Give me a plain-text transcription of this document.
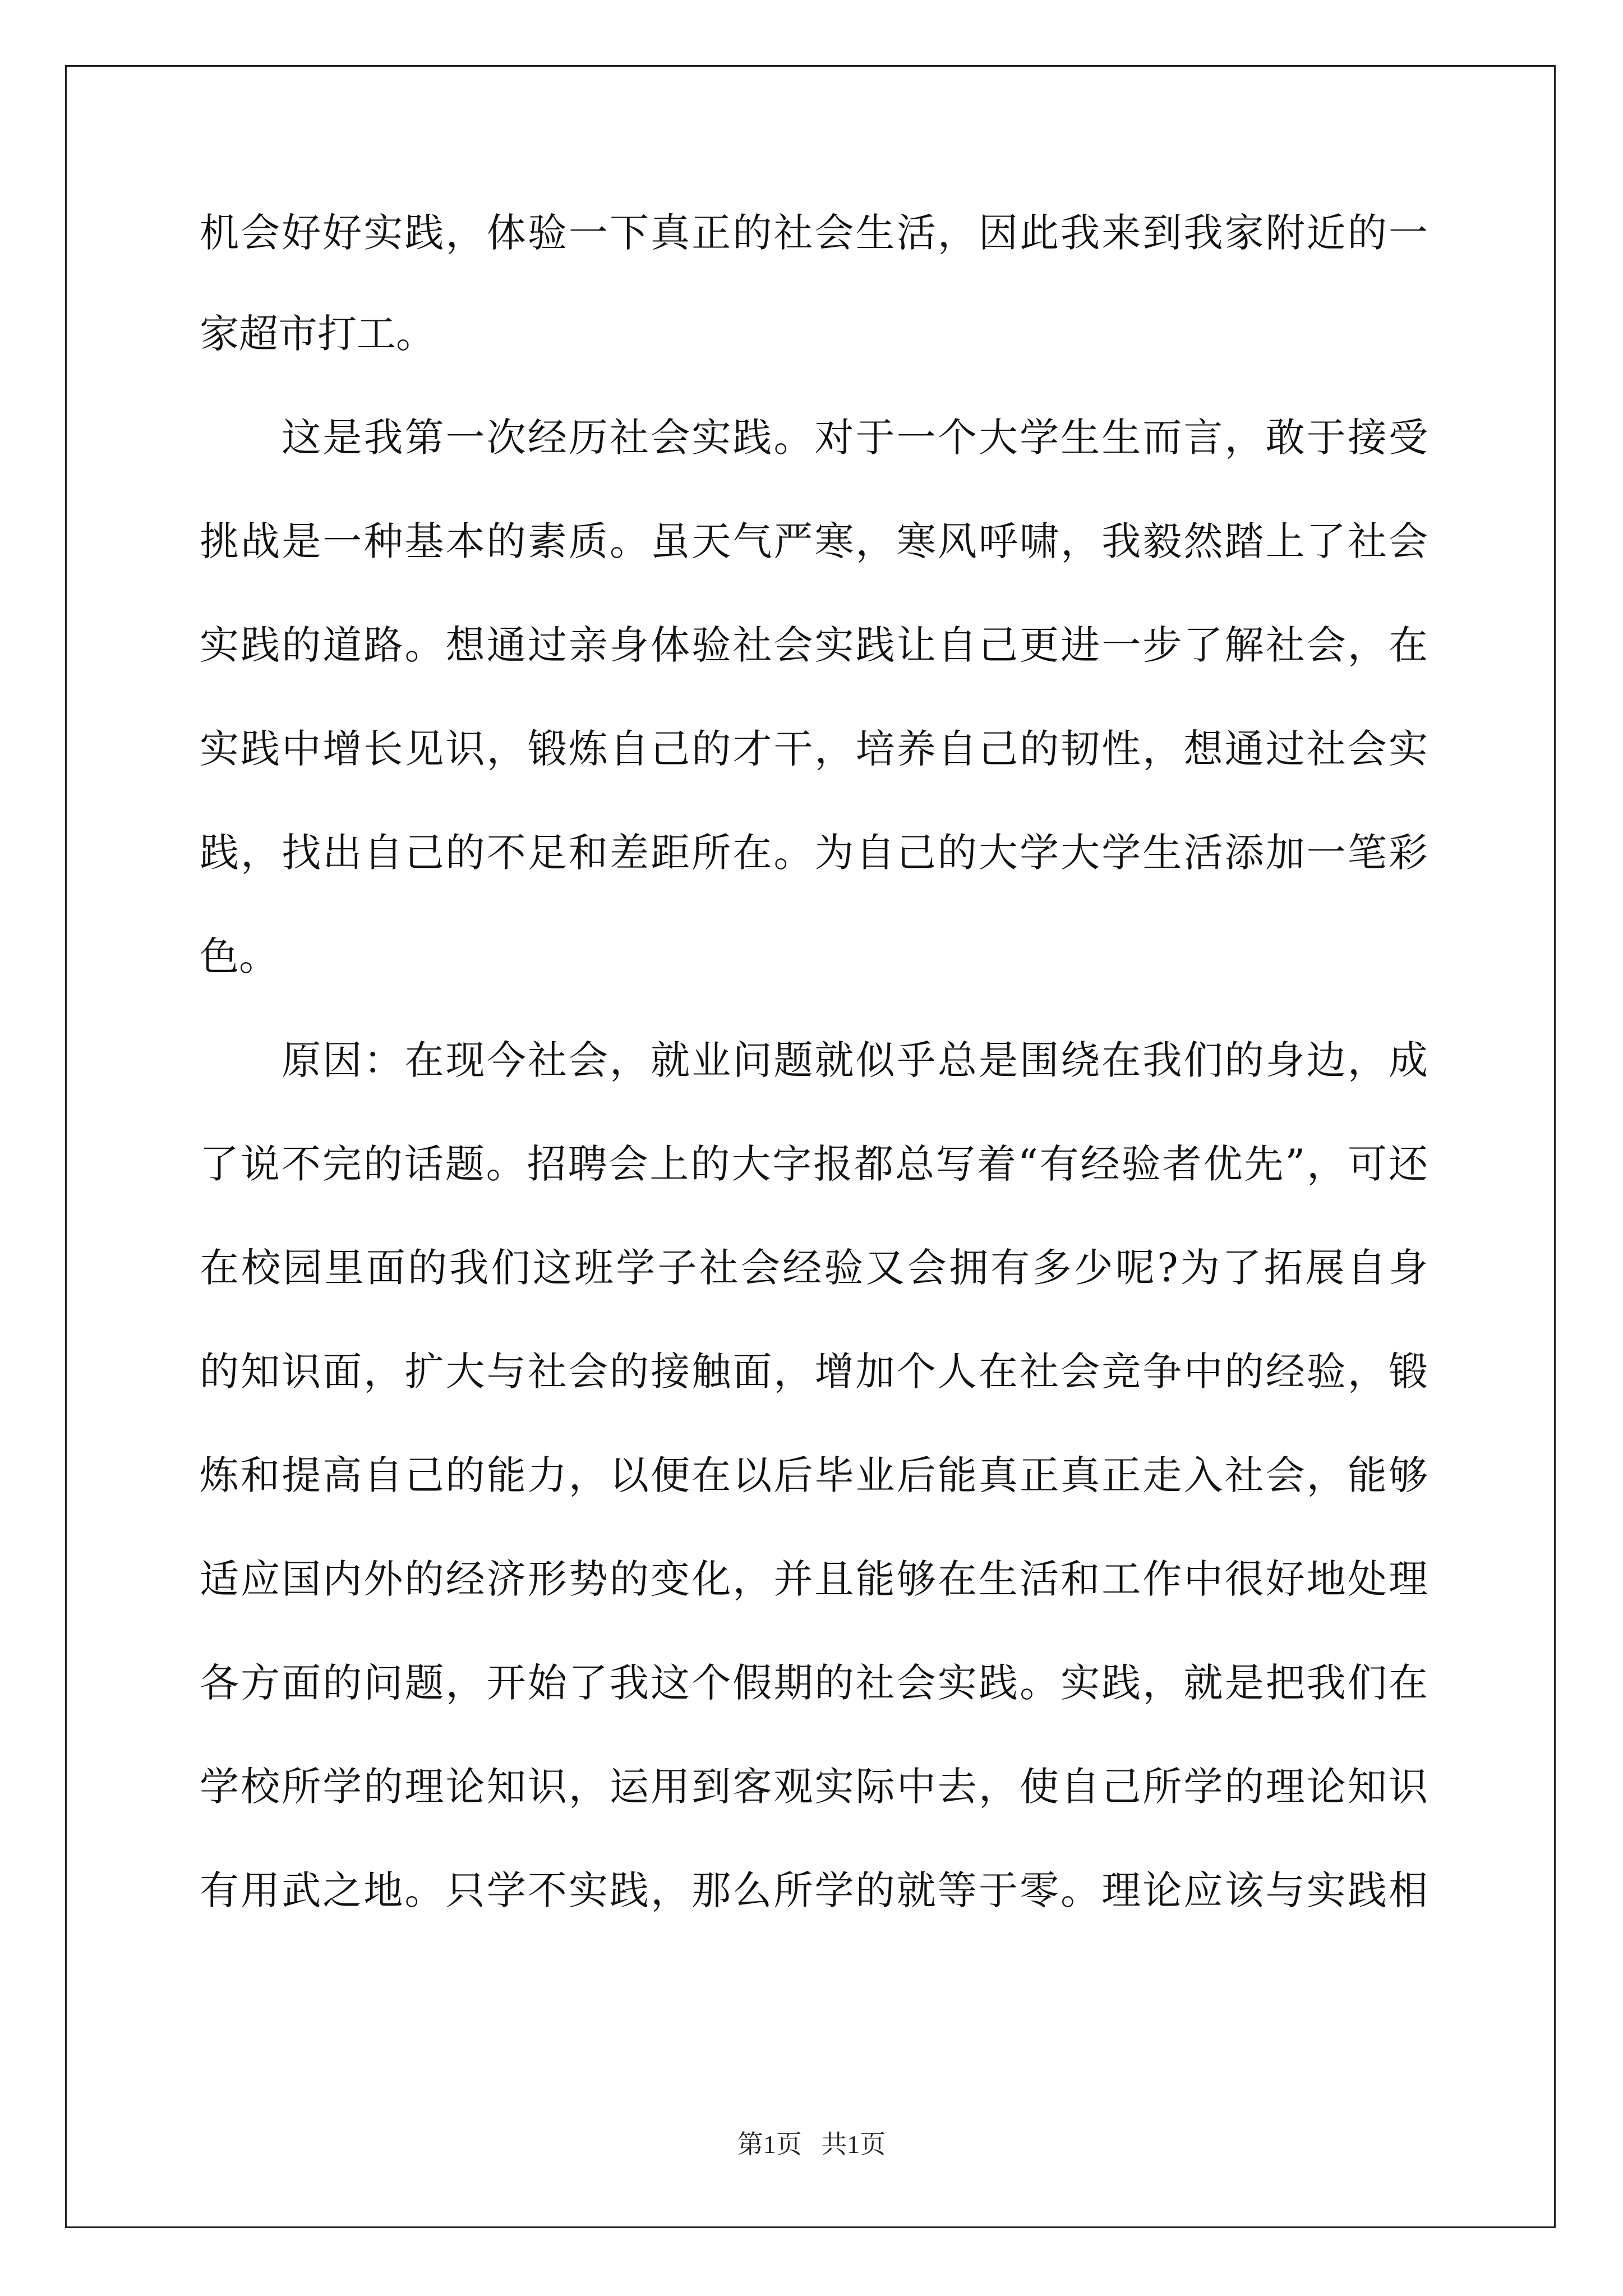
机会好好实践，体验一下真正的社会生活，因此我来到我家附近的一
家超市打工。
　　这是我第一次经历社会实践。对于一个大学生生而言，敢于接受
挑战是一种基本的素质。虽天气严寒，寒风呼啸，我毅然踏上了社会
实践的道路。想通过亲身体验社会实践让自己更进一步了解社会，在
实践中增长见识，锻炼自己的才干，培养自己的韧性，想通过社会实
践，找出自己的不足和差距所在。为自己的大学大学生活添加一笔彩
色。
　　原因：在现今社会，就业问题就似乎总是围绕在我们的身边，成
了说不完的话题。招聘会上的大字报都总写着“有经验者优先”，可还
在校园里面的我们这班学子社会经验又会拥有多少呢?为了拓展自身
的知识面，扩大与社会的接触面，增加个人在社会竞争中的经验，锻
炼和提高自己的能力，以便在以后毕业后能真正真正走入社会，能够
适应国内外的经济形势的变化，并且能够在生活和工作中很好地处理
各方面的问题，开始了我这个假期的社会实践。实践，就是把我们在
学校所学的理论知识，运用到客观实际中去，使自己所学的理论知识
有用武之地。只学不实践，那么所学的就等于零。理论应该与实践相
第1页 共1页
